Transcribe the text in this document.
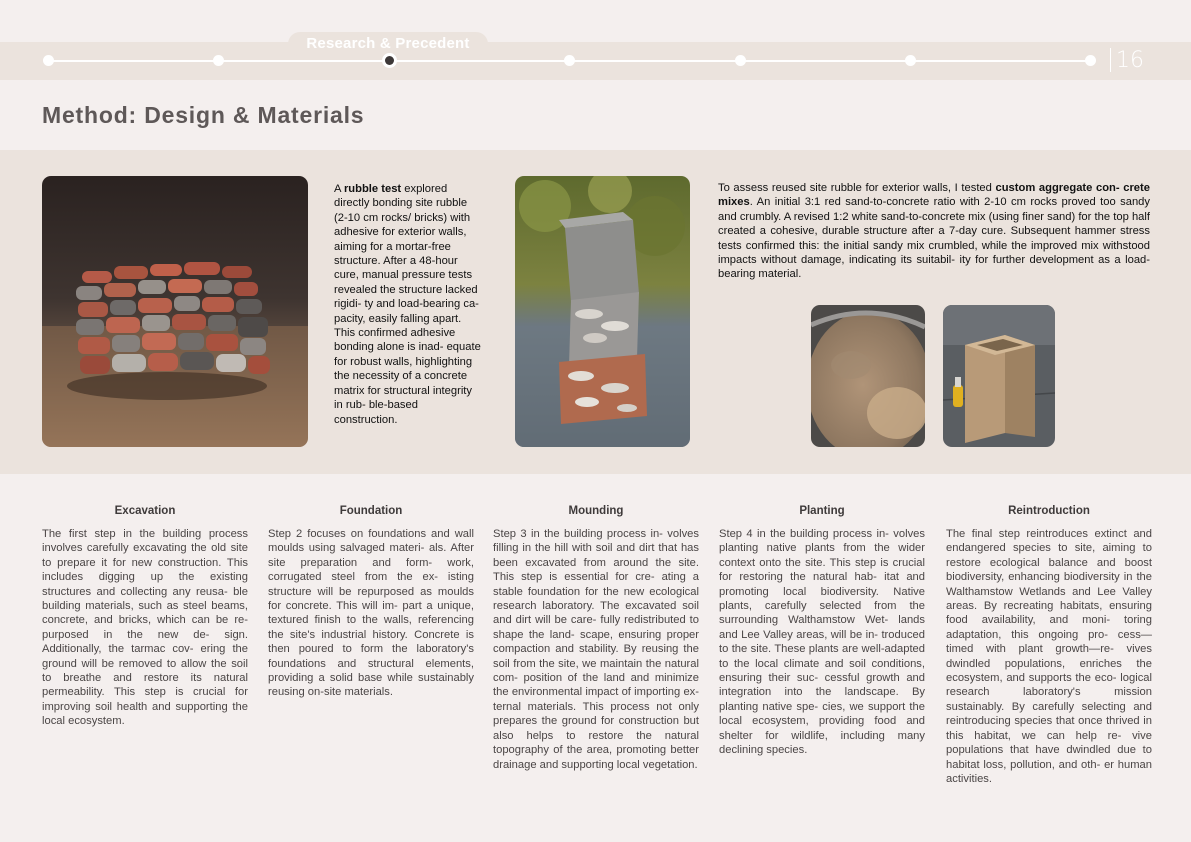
Research & Precedent
16
Method: Design & Materials
A rubble test explored directly bonding site rubble (2-10 cm rocks/ bricks) with adhesive for exterior walls, aiming for a mortar-free structure. After a 48-hour cure, manual pressure tests revealed the structure lacked rigidi- ty and load-bearing ca- pacity, easily falling apart. This confirmed adhesive bonding alone is inad- equate for robust walls, highlighting the necessity of a concrete matrix for structural integrity in rub- ble-based construction.
To assess reused site rubble for exterior walls, I tested custom aggregate con- crete mixes. An initial 3:1 red sand-to-concrete ratio with 2-10 cm rocks proved too sandy and crumbly. A revised 1:2 white sand-to-concrete mix (using finer sand) for the top half created a cohesive, durable structure after a 7-day cure. Subsequent hammer stress tests confirmed this: the initial sandy mix crumbled, while the improved mix withstood impacts without damage, indicating its suitabil- ity for further development as a load-bearing material.
Excavation

The first step in the building process involves carefully excavating the old site to prepare it for new construction. This includes digging up the existing structures and collecting any reusa- ble building materials, such as steel beams, concrete, and bricks, which can be re-purposed in the new de- sign. Additionally, the tarmac cov- ering the ground will be removed to allow the soil to breathe and restore its natural permeability. This step is crucial for improving soil health and supporting the local ecosystem.

Foundation

Step 2 focuses on foundations and wall moulds using salvaged materi- als. After site preparation and form- work, corrugated steel from the ex- isting structure will be repurposed as moulds for concrete. This will im- part a unique, textured finish to the walls, referencing the site's industrial history. Concrete is then poured to form the laboratory's foundations and structural elements, providing a solid base while sustainably reusing on-site materials.

Mounding

Step 3 in the building process in- volves filling in the hill with soil and dirt that has been excavated from around the site. This step is essential for cre- ating a stable foundation for the new ecological research laboratory. The excavated soil and dirt will be care- fully redistributed to shape the land- scape, ensuring proper compaction and stability. By reusing the soil from the site, we maintain the natural com- position of the land and minimize the environmental impact of importing ex- ternal materials. This process not only prepares the ground for construction but also helps to restore the natural topography of the area, promoting better drainage and supporting local vegetation.

Planting

Step 4 in the building process in- volves planting native plants from the wider context onto the site. This step is crucial for restoring the natural hab- itat and promoting local biodiversity. Native plants, carefully selected from the surrounding Walthamstow Wet- lands and Lee Valley areas, will be in- troduced to the site. These plants are well-adapted to the local climate and soil conditions, ensuring their suc- cessful growth and integration into the landscape. By planting native spe- cies, we support the local ecosystem, providing food and shelter for wildlife, including many declining species.

Reintroduction

The final step reintroduces extinct and endangered species to site, aiming to restore ecological balance and boost biodiversity, enhancing biodiversity in the Walthamstow Wetlands and Lee Valley areas. By recreating habitats, ensuring food availability, and moni- toring adaptation, this ongoing pro- cess—timed with plant growth—re- vives dwindled populations, enriches the ecosystem, and supports the eco- logical research laboratory's mission sustainably. By carefully selecting and reintroducing species that once thrived in this habitat, we can help re- vive populations that have dwindled due to habitat loss, pollution, and oth- er human activities.
